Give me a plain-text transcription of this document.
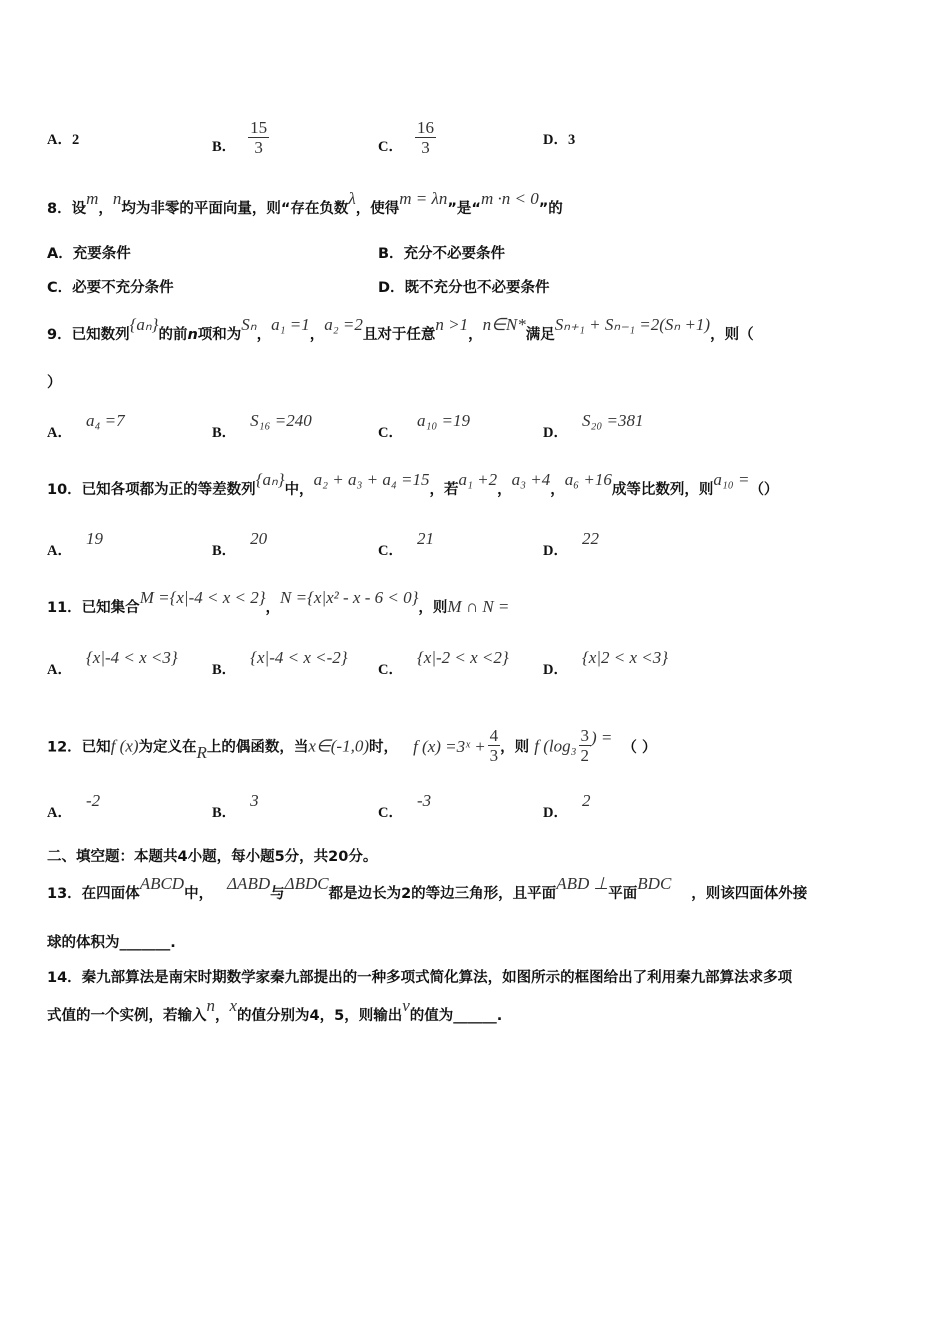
A．2	B． $\frac{15}{3}$	C． $\frac{16}{3}$	D．3
8．设m，n均为非零的平面向量，则“存在负数λ，使得m = λn”是“m ·n < 0”的
A．充要条件	B．充分不必要条件
C．必要不充分条件	D．既不充分也不必要条件
9．已知数列{aₙ}的前n项和为Sₙ，a₁ =1，a₂ =2且对于任意n >1，n∈N*满足Sₙ₊₁ + Sₙ₋₁ =2(Sₙ +1)，则（
）
A．a₄ =7
B．S₁₆ =240
C．a₁₀ =19
D．S₂₀ =381
10．已知各项都为正的等差数列{aₙ}中，a₂ + a₃ + a₄ =15，若a₁ +2，a₃ +4，a₆ +16成等比数列，则a₁₀ =（）
A．19
B．20
C．21
D．22
11．已知集合M ={x|-4 < x < 2}，N ={x|x² - x - 6 < 0}，则M ∩ N =
A．{x|-4 < x <3}
B．{x|-4 < x <-2}
C．{x|-2 < x <2}
D．{x|2 < x <3}
12．已知f (x)为定义在R上的偶函数，当x∈(-1,0)时， f (x) =3ˣ + $\frac{4}{3}$ ，则 f ($\log_3 \frac{3}{2}$ ) =（ ）
A．-2
B．3
C．-3
D．2
二、填空题：本题共4小题，每小题5分，共20分。
13．在四面体ABCD中，ΔABD与ΔBDC都是边长为2的等边三角形，且平面ABD ⊥平面BDC，则该四面体外接
球的体积为_______.
14．秦九部算法是南宋时期数学家秦九部提出的一种多项式简化算法，如图所示的框图给出了利用秦九部算法求多项
式值的一个实例，若输入n，x的值分别为4，5，则输出v的值为______.
